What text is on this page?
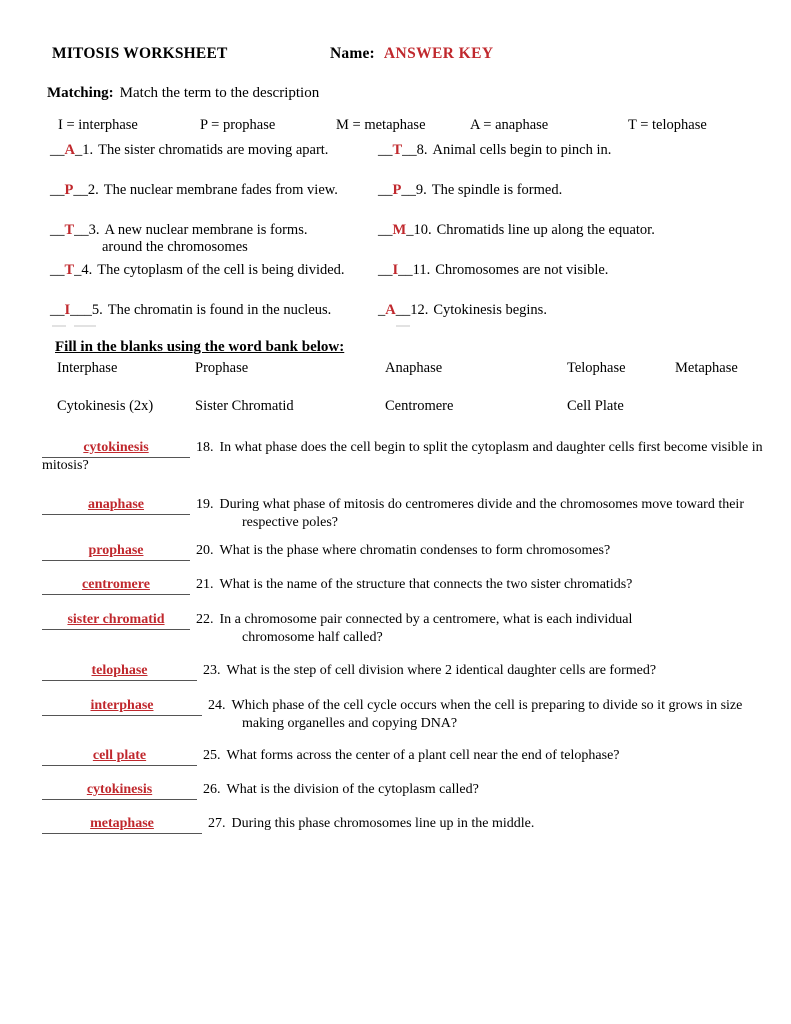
MITOSIS WORKSHEET	Name: ANSWER KEY
Matching: Match the term to the description
I = interphase	P = prophase	M = metaphase	A = anaphase	T = telophase
__A_1. The sister chromatids are moving apart.
__P__2. The nuclear membrane fades from view.
__T__3. A new nuclear membrane is forms.
around the chromosomes
__T_4. The cytoplasm of the cell is being divided.
__I___5. The chromatin is found in the nucleus.
__T__8. Animal cells begin to pinch in.
__P__9. The spindle is formed.
__M_10. Chromatids line up along the equator.
__I__11. Chromosomes are not visible.
_A__12. Cytokinesis begins.
Fill in the blanks using the word bank below:
Interphase	Prophase	Anaphase	Telophase	Metaphase
Cytokinesis (2x)	Sister Chromatid	Centromere	Cell Plate
cytokinesis	18. In what phase does the cell begin to split the cytoplasm and daughter cells first become visible in
mitosis?
anaphase	19. During what phase of mitosis do centromeres divide and the chromosomes move toward their
respective poles?
prophase	20. What is the phase where chromatin condenses to form chromosomes?
centromere	21. What is the name of the structure that connects the two sister chromatids?
sister chromatid 22. In a chromosome pair connected by a centromere, what is each individual
chromosome half called?
telophase	23. What is the step of cell division where 2 identical daughter cells are formed?
interphase	24. Which phase of the cell cycle occurs when the cell is preparing to divide so it grows in size
making organelles and copying DNA?
cell plate	25. What forms across the center of a plant cell near the end of telophase?
cytokinesis	26. What is the division of the cytoplasm called?
metaphase	27. During this phase chromosomes line up in the middle.
